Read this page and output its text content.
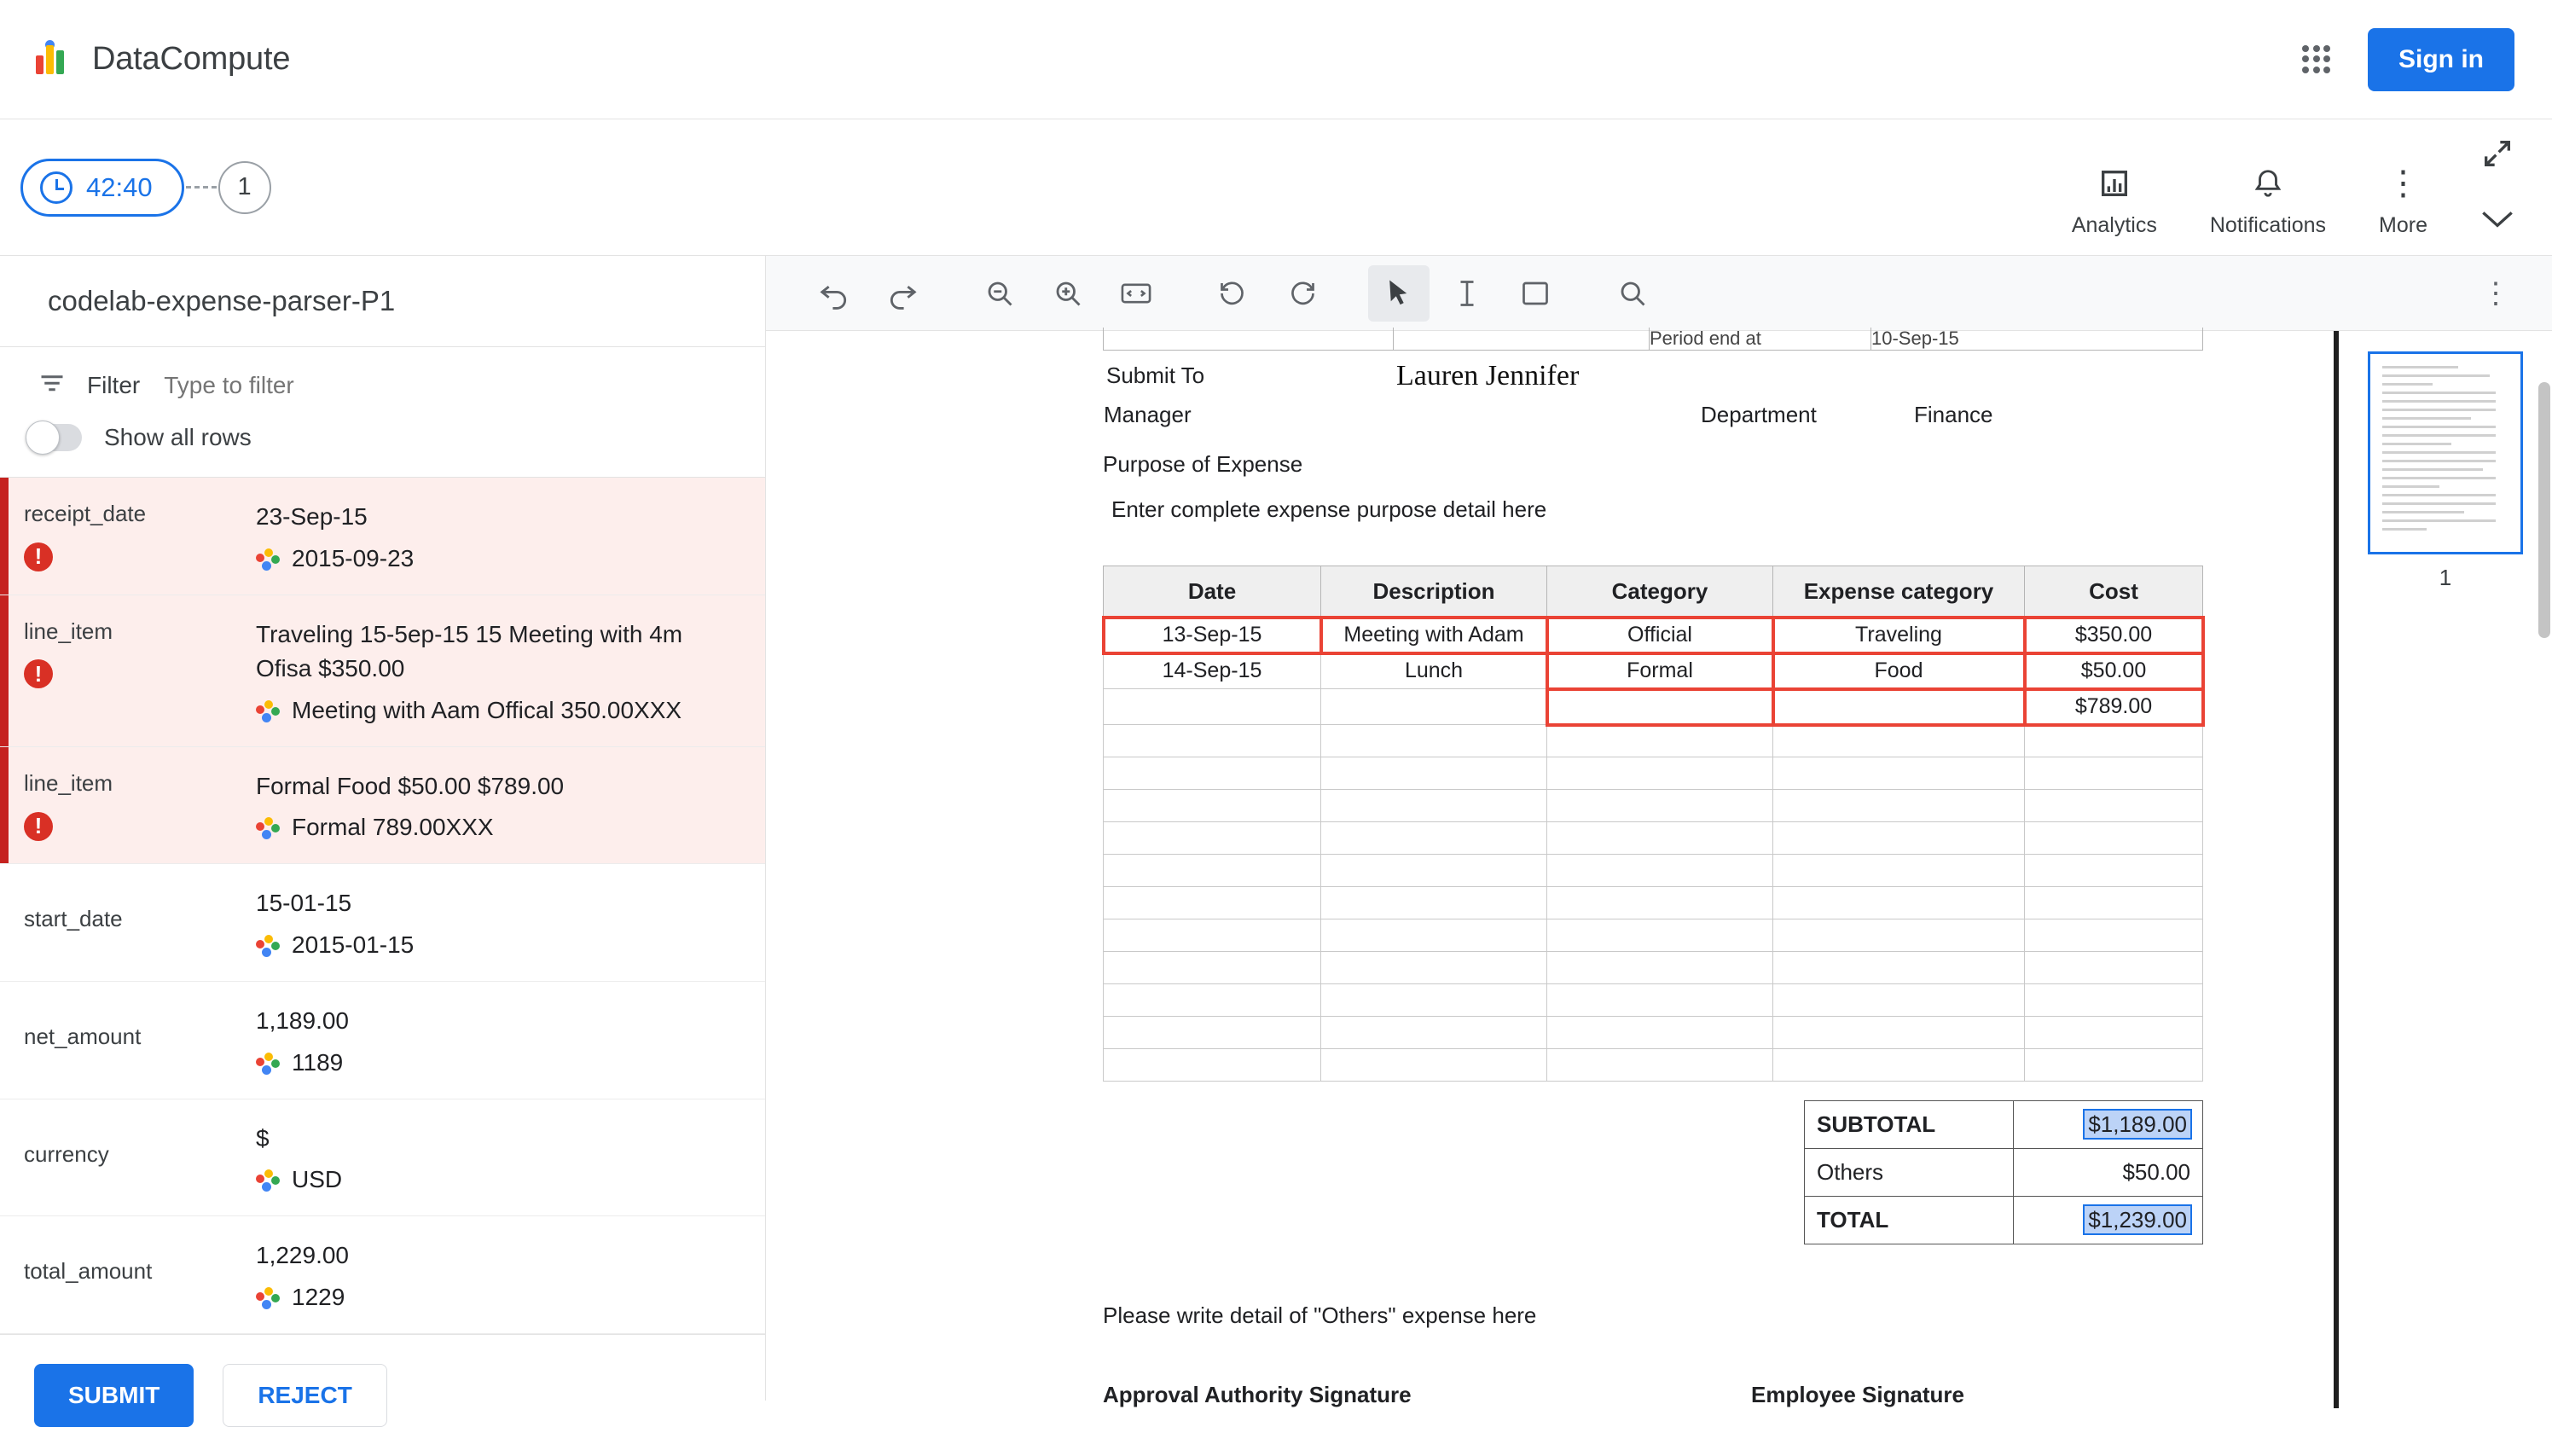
DataCompute	Sign in
42:40	1
Analytics Notifications
⋮
More
codelab-expense-parser-P1
Filter
Type to filter
Show all rows
receipt_date
!
23-Sep-15
2015-09-23
line_item
!
Traveling 15-5ep-15 15 Meeting with 4m Ofisa $350.00
Meeting with Aam Offical 350.00XXX
line_item
!
Formal Food $50.00 $789.00
Formal 789.00XXX
start_date
15-01-15
2015-01-15
net_amount
1,189.00
1189
currency
$
USD
total_amount
1,229.00
1229
SUBMIT	REJECT
⋮
		Period end at	10-Sep-15
Submit To	Lauren Jennifer
Manager		Department	Finance
Purpose of Expense
Enter complete expense purpose detail here
Date	Description	Category	Expense category	Cost
13-Sep-15	Meeting with Adam	Official	Traveling	$350.00
14-Sep-15	Lunch	Formal	Food	$50.00
				$789.00

SUBTOTAL	$1,189.00
Others	$50.00
TOTAL	$1,239.00
Please write detail of "Others" expense here
Approval Authority Signature	Employee Signature
1
